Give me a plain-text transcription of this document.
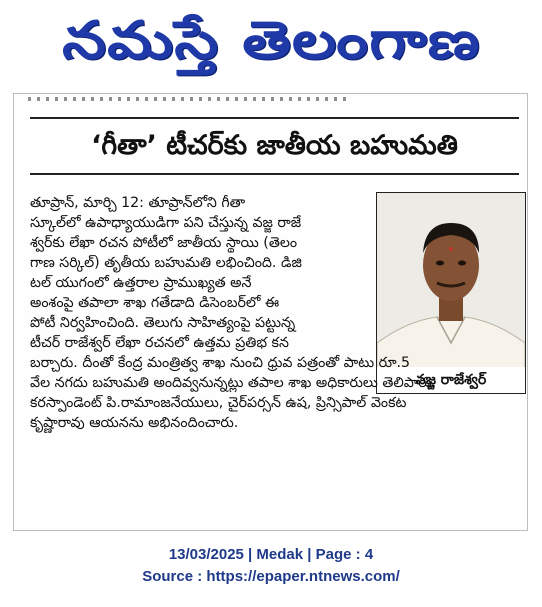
నమస్తే తెలంగాణ
‘గీతా’ టీచర్‌కు జాతీయ బహుమతి
వజ్జ రాజేశ్వర్
తూప్రాన్, మార్చి 12: తూప్రాన్‌లోని గీతా
స్కూల్‌లో ఉపాధ్యాయుడిగా పని చేస్తున్న వజ్జ రాజే
శ్వర్‌కు లేఖా రచన పోటీలో జాతీయ స్థాయి (తెలం
గాణ సర్కిల్) తృతీయ బహుమతి లభించింది. డిజి
టల్ యుగంలో ఉత్తరాల ప్రాముఖ్యత అనే
అంశంపై తపాలా శాఖ గతేడాది డిసెంబర్‌లో ఈ
పోటీ నిర్వహించింది. తెలుగు సాహిత్యంపై పట్టున్న
టీచర్ రాజేశ్వర్ లేఖా రచనలో ఉత్తమ ప్రతిభ కన
బర్చారు. దీంతో కేంద్ర మంత్రిత్వ శాఖ నుంచి ధ్రువ పత్రంతో పాటు రూ.5
వేల నగదు బహుమతి అందివ్వనున్నట్లు తపాల శాఖ అధికారులు తెలిపారు.
కరస్పాండెంట్ పి.రామాంజనేయులు, చైర్‌పర్సన్ ఉష, ప్రిన్సిపాల్ వెంకట
కృష్ణారావు ఆయనను అభినందించారు.
13/03/2025 | Medak | Page : 4
Source : https://epaper.ntnews.com/
